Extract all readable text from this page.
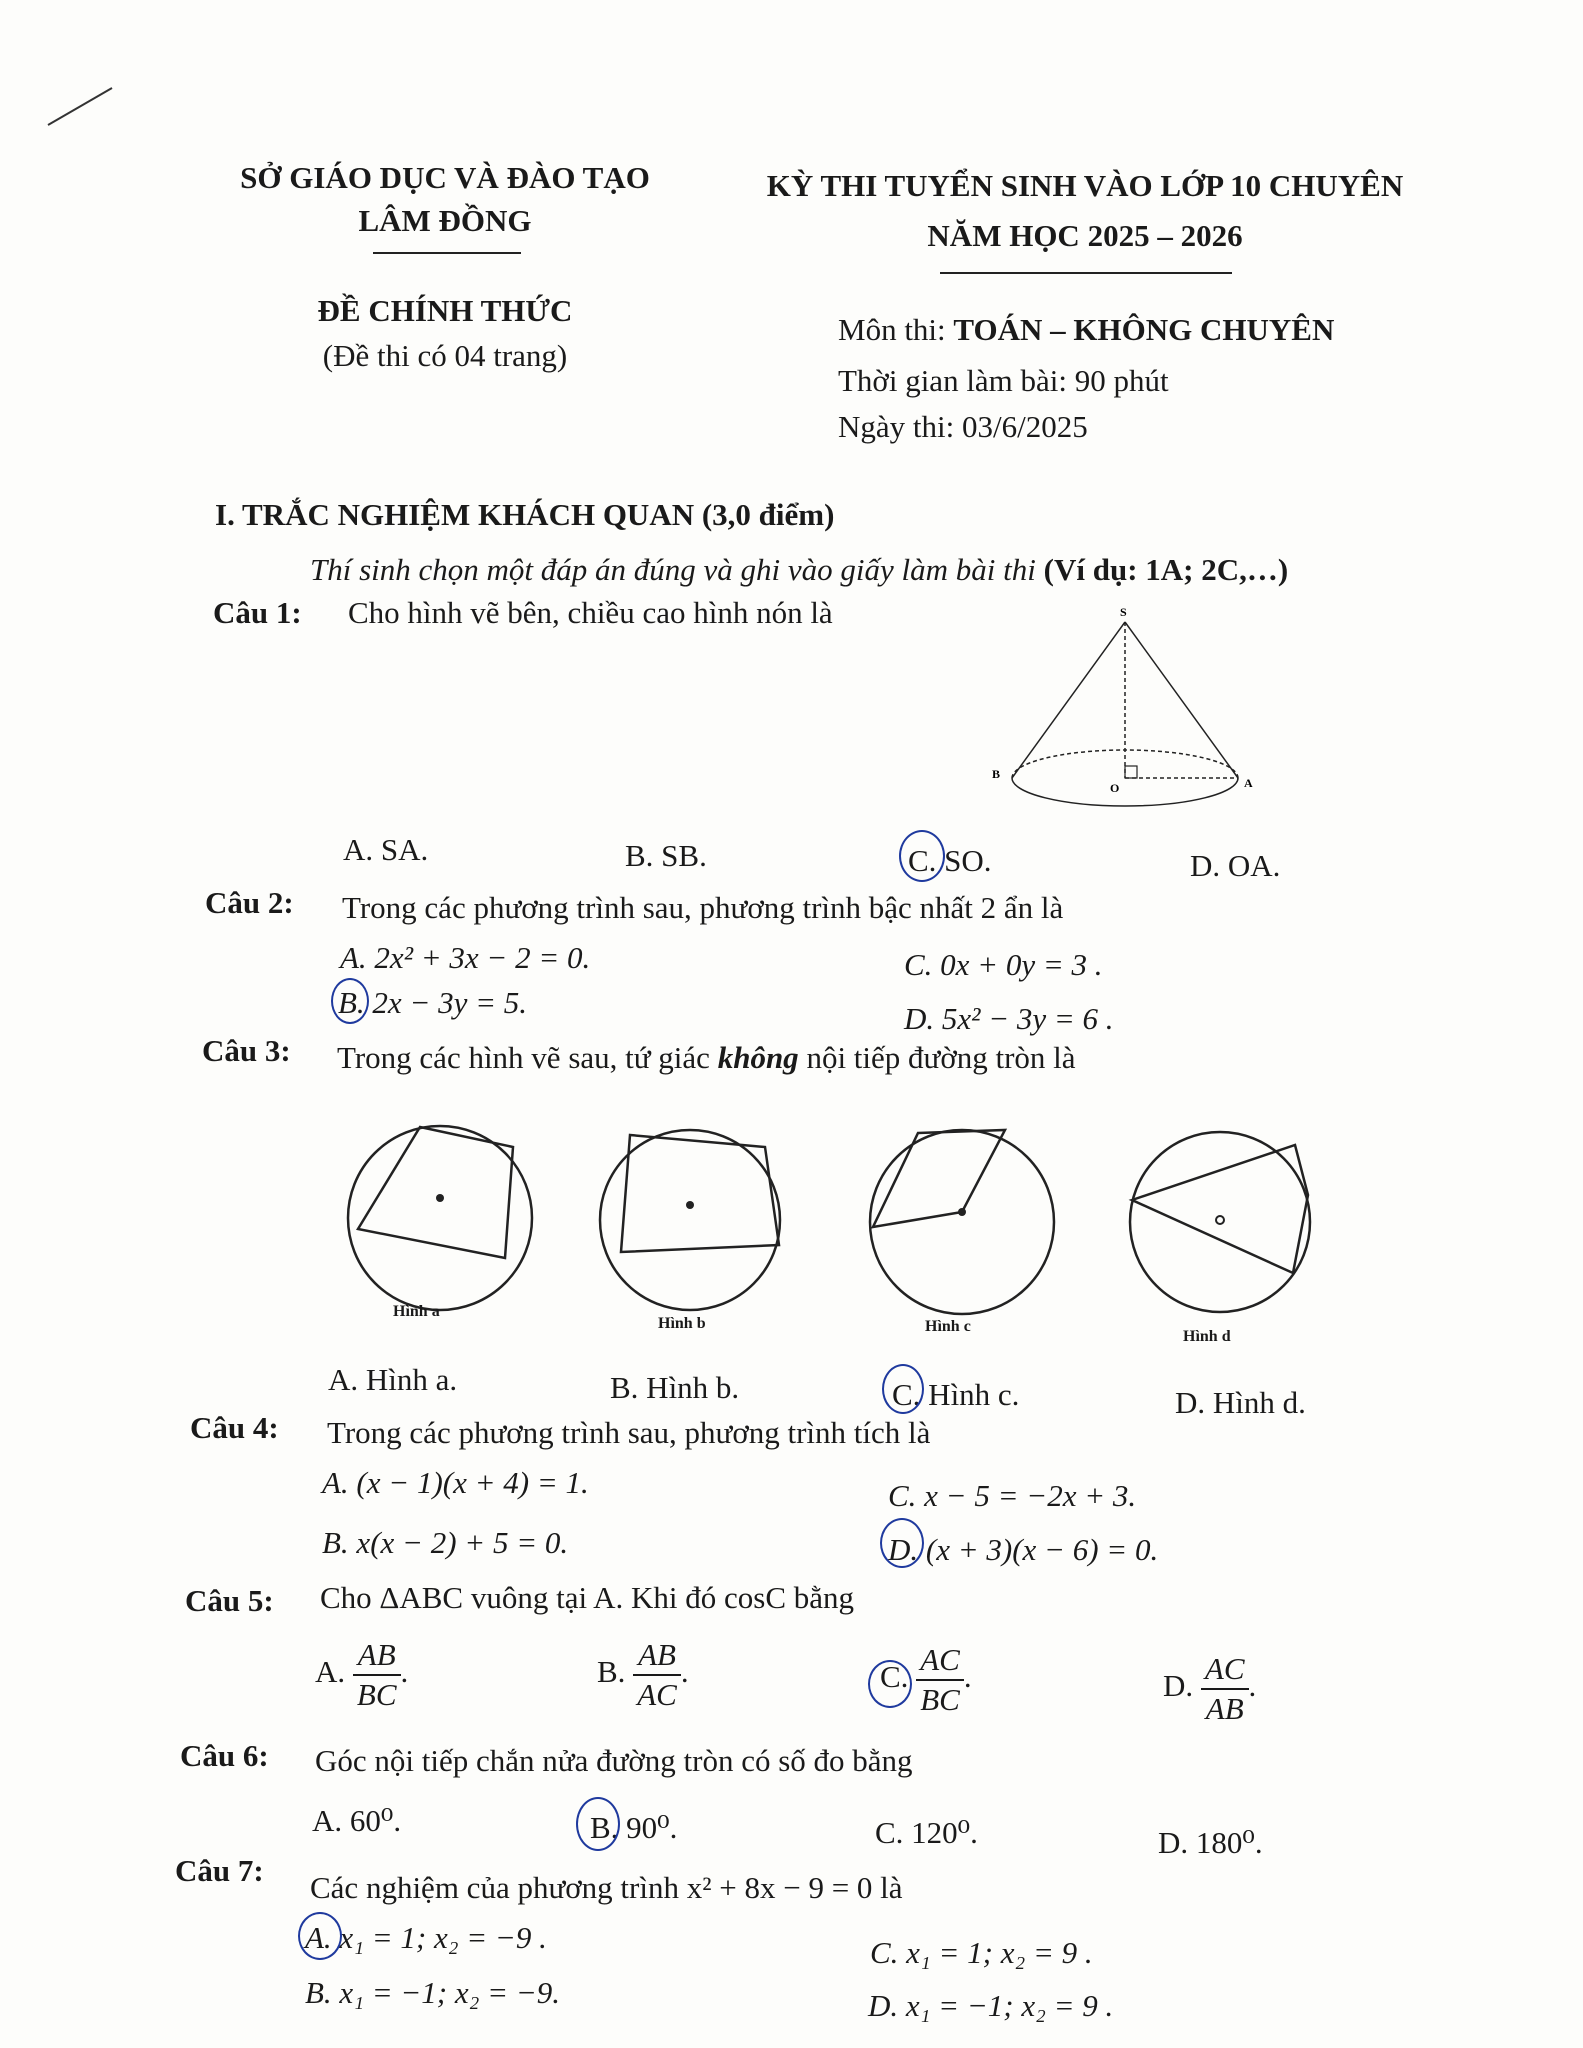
SỞ GIÁO DỤC VÀ ĐÀO TẠO
LÂM ĐỒNG
KỲ THI TUYỂN SINH VÀO LỚP 10 CHUYÊN
NĂM HỌC 2025 – 2026
ĐỀ CHÍNH THỨC
(Đề thi có 04 trang)
Môn thi: TOÁN – KHÔNG CHUYÊN
Thời gian làm bài: 90 phút
Ngày thi: 03/6/2025
I. TRẮC NGHIỆM KHÁCH QUAN (3,0 điểm)
Thí sinh chọn một đáp án đúng và ghi vào giấy làm bài thi (Ví dụ: 1A; 2C,…)
Câu 1: Cho hình vẽ bên, chiều cao hình nón là	S
B
O	A
A. SA.	B. SB.	C. SO.	D. OA.
Câu 2: Trong các phương trình sau, phương trình bậc nhất 2 ẩn là
A. 2x² + 3x − 2 = 0.
B. 2x − 3y = 5.
C. 0x + 0y = 3 .
D. 5x² − 3y = 6 .
Câu 3: Trong các hình vẽ sau, tứ giác không nội tiếp đường tròn là
Hình a
Hình b	Hình c
Hình d
A. Hình a.	B. Hình b.	C. Hình c.	D. Hình d.
Câu 4: Trong các phương trình sau, phương trình tích là
A. (x − 1)(x + 4) = 1.
B. x(x − 2) + 5 = 0.
C. x − 5 = −2x + 3.
D. (x + 3)(x − 6) = 0.
Câu 5: Cho ΔABC vuông tại A. Khi đó cosC bằng
A. $\frac{AB}{BC}$ .	B. $\frac{AB}{AC}$ .	C. $\frac{AC}{BC}$ .	D. $\frac{AC}{AB}$ .
Câu 6: Góc nội tiếp chắn nửa đường tròn có số đo bằng
A. 60⁰.	B. 90⁰.	C. 120⁰.	D. 180⁰.
Câu 7: Các nghiệm của phương trình x² + 8x − 9 = 0 là
A. x₁ = 1; x₂ = −9 .
B. x₁ = −1; x₂ = −9.
C. x₁ = 1; x₂ = 9 .
D. x₁ = −1; x₂ = 9 .
